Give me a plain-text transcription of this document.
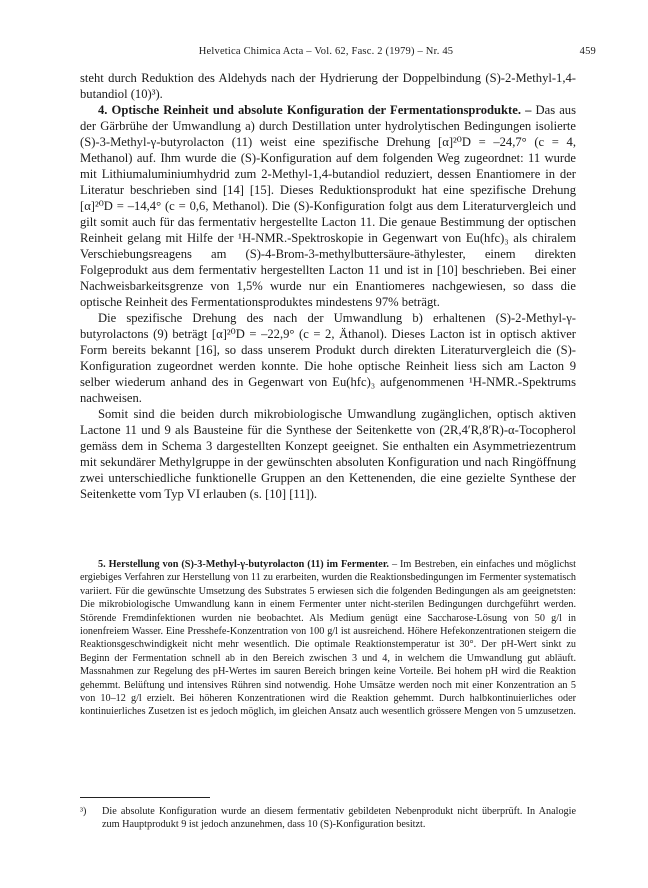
Helvetica Chimica Acta – Vol. 62, Fasc. 2 (1979) – Nr. 45	459

steht durch Reduktion des Aldehyds nach der Hydrierung der Doppelbindung (S)-2-Methyl-1,4-butandiol (10)³).

4. Optische Reinheit und absolute Konfiguration der Fermentationsprodukte. – Das aus der Gärbrühe der Umwandlung a) durch Destillation unter hydrolytischen Bedingungen isolierte (S)-3-Methyl-γ-butyrolacton (11) weist eine spezifische Drehung [α]²⁰D = –24,7° (c = 4, Methanol) auf. Ihm wurde die (S)-Konfiguration auf dem folgenden Weg zugeordnet: 11 wurde mit Lithiumaluminiumhydrid zum 2-Methyl-1,4-butandiol reduziert, dessen Enantiomere in der Literatur beschrieben sind [14] [15]. Dieses Reduktionsprodukt hat eine spezifische Drehung [α]²⁰D = –14,4° (c = 0,6, Methanol). Die (S)-Konfiguration folgt aus dem Literaturvergleich und gilt somit auch für das fermentativ hergestellte Lacton 11. Die genaue Bestimmung der optischen Reinheit gelang mit Hilfe der ¹H-NMR.-Spektroskopie in Gegenwart von Eu(hfc)₃ als chiralem Verschiebungsreagens am (S)-4-Brom-3-methylbuttersäure-äthylester, einem direkten Folgeprodukt aus dem fermentativ hergestellten Lacton 11 und ist in [10] beschrieben. Bei einer Nachweisbarkeitsgrenze von 1,5% wurde nur ein Enantiomeres nachgewiesen, so dass die optische Reinheit des Fermentationsproduktes mindestens 97% beträgt.

Die spezifische Drehung des nach der Umwandlung b) erhaltenen (S)-2-Methyl-γ-butyrolactons (9) beträgt [α]²⁰D = –22,9° (c = 2, Äthanol). Dieses Lacton ist in optisch aktiver Form bereits bekannt [16], so dass unserem Produkt durch direkten Literaturvergleich die (S)-Konfiguration zugeordnet werden konnte. Die hohe optische Reinheit liess sich am Lacton 9 selber wiederum anhand des in Gegenwart von Eu(hfc)₃ aufgenommenen ¹H-NMR.-Spektrums nachweisen.

Somit sind die beiden durch mikrobiologische Umwandlung zugänglichen, optisch aktiven Lactone 11 und 9 als Bausteine für die Synthese der Seitenkette von (2R,4′R,8′R)-α-Tocopherol gemäss dem in Schema 3 dargestellten Konzept geeignet. Sie enthalten ein Asymmetriezentrum mit sekundärer Methylgruppe in der gewünschten absoluten Konfiguration und nach Ringöffnung zwei unterschiedliche funktionelle Gruppen an den Kettenenden, die eine gezielte Synthese der Seitenkette vom Typ VI erlauben (s. [10] [11]).

5. Herstellung von (S)-3-Methyl-γ-butyrolacton (11) im Fermenter. – Im Bestreben, ein einfaches und möglichst ergiebiges Verfahren zur Herstellung von 11 zu erarbeiten, wurden die Reaktionsbedingungen im Fermenter systematisch variiert. Für die gewünschte Umsetzung des Substrates 5 erwiesen sich die folgenden Bedingungen als am geeignetsten: Die mikrobiologische Umwandlung kann in einem Fermenter unter nicht-sterilen Bedingungen durchgeführt werden. Störende Fremdinfektionen wurden nie beobachtet. Als Medium genügt eine Saccharose-Lösung von 50 g/l in ionenfreiem Wasser. Eine Presshefe-Konzentration von 100 g/l ist ausreichend. Höhere Hefekonzentrationen steigern die Reaktionsgeschwindigkeit nicht mehr wesentlich. Die optimale Reaktionstemperatur ist 30°. Der pH-Wert sinkt zu Beginn der Fermentation schnell ab in den Bereich zwischen 3 und 4, in welchem die Umwandlung gut abläuft. Massnahmen zur Regelung des pH-Wertes im sauren Bereich bringen keine Vorteile. Bei hohem pH wird die Reaktion gehemmt. Belüftung und intensives Rühren sind notwendig. Hohe Umsätze werden noch mit einer Konzentration an 5 von 10–12 g/l erzielt. Bei höheren Konzentrationen wird die Reaktion gehemmt. Durch halbkontinuierliches oder kontinuierliches Zusetzen ist es jedoch möglich, im gleichen Ansatz auch wesentlich grössere Mengen von 5 umzusetzen.

³)	Die absolute Konfiguration wurde an diesem fermentativ gebildeten Nebenprodukt nicht überprüft. In Analogie zum Hauptprodukt 9 ist jedoch anzunehmen, dass 10 (S)-Konfiguration besitzt.
